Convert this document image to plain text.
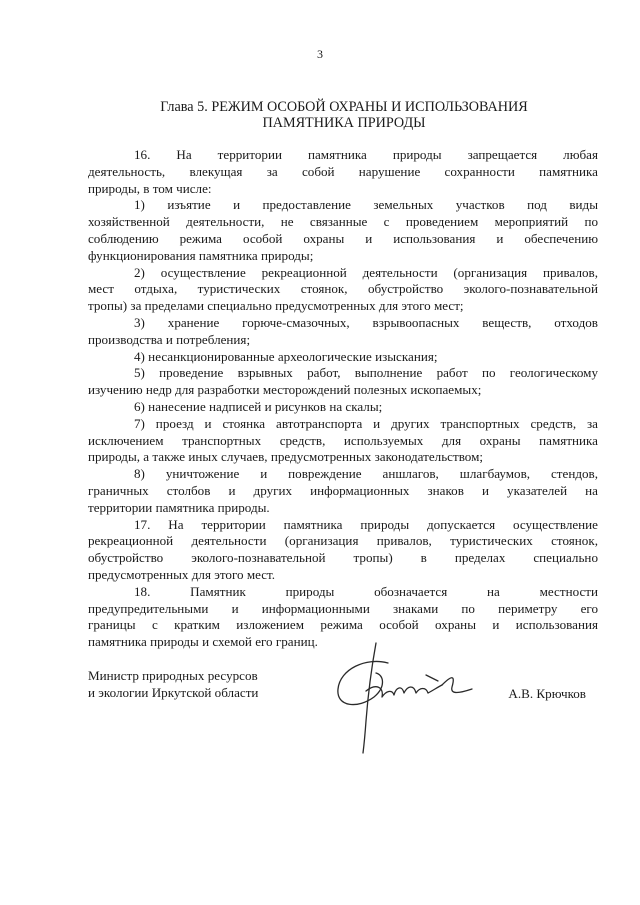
3
Глава 5. РЕЖИМ ОСОБОЙ ОХРАНЫ И ИСПОЛЬЗОВАНИЯ
ПАМЯТНИКА ПРИРОДЫ

16. На территории памятника природы запрещается любая
деятельность, влекущая за собой нарушение сохранности памятника
природы, в том числе:

1) изъятие и предоставление земельных участков под виды
хозяйственной деятельности, не связанные с проведением мероприятий по
соблюдению режима особой охраны и использования и обеспечению
функционирования памятника природы;

2) осуществление рекреационной деятельности (организация привалов,
мест отдыха, туристических стоянок, обустройство эколого-познавательной
тропы) за пределами специально предусмотренных для этого мест;

3) хранение горюче-смазочных, взрывоопасных веществ, отходов
производства и потребления;

4) несанкционированные археологические изыскания;

5) проведение взрывных работ, выполнение работ по геологическому
изучению недр для разработки месторождений полезных ископаемых;

6) нанесение надписей и рисунков на скалы;

7) проезд и стоянка автотранспорта и других транспортных средств, за
исключением транспортных средств, используемых для охраны памятника
природы, а также иных случаев, предусмотренных законодательством;

8) уничтожение и повреждение аншлагов, шлагбаумов, стендов,
граничных столбов и других информационных знаков и указателей на
территории памятника природы.

17. На территории памятника природы допускается осуществление
рекреационной деятельности (организация привалов, туристических стоянок,
обустройство эколого-познавательной тропы) в пределах специально
предусмотренных для этого мест.

18. Памятник природы обозначается на местности
предупредительными и информационными знаками по периметру его
границы с кратким изложением режима особой охраны и использования
памятника природы и схемой его границ.

Министр природных ресурсов
и экологии Иркутской области	А.В. Крючков
